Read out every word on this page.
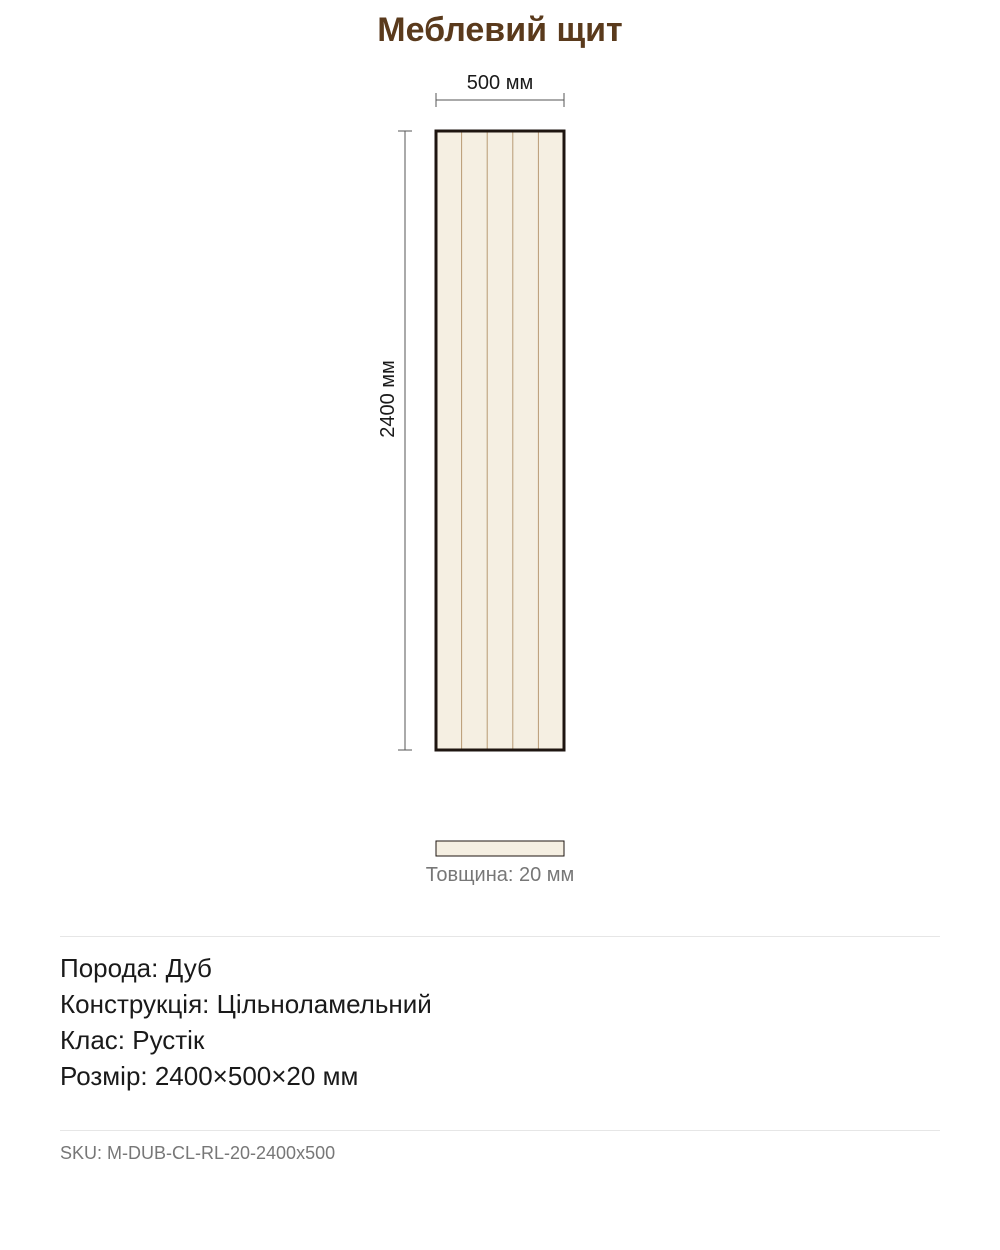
Меблевий щит
500 мм
2400 мм
Товщина: 20 мм
Порода: Дуб
Конструкція: Цільноламельний
Клас: Рустік
Розмір: 2400×500×20 мм
SKU: M-DUB-CL-RL-20-2400x500
